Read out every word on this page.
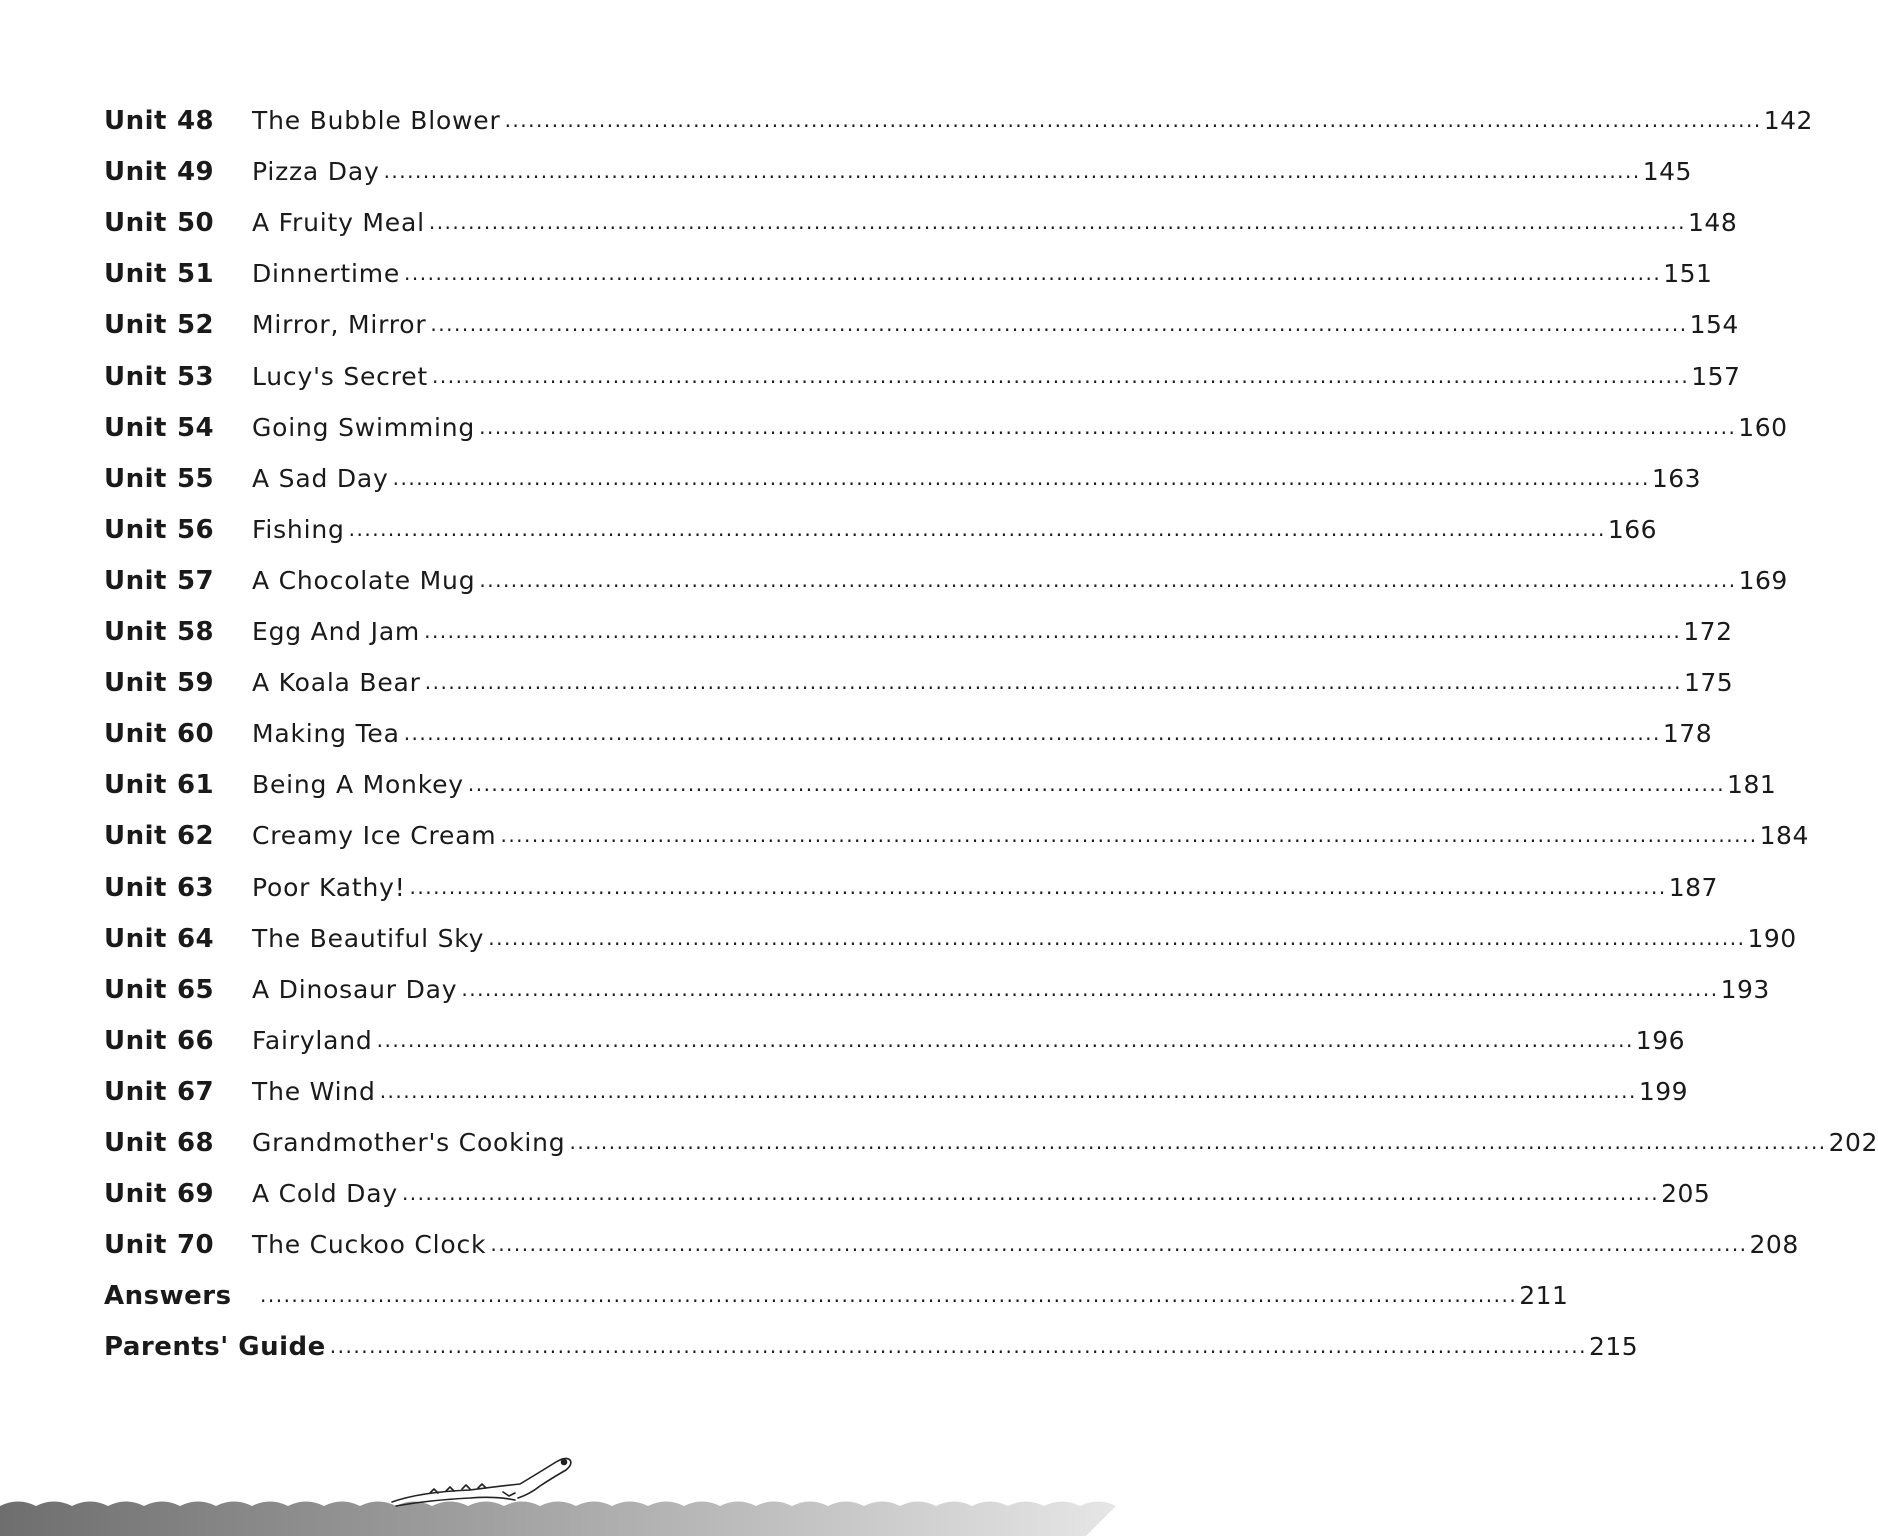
Unit 48	The Bubble Blower ................................................................................................................................................................ 142
Unit 49	Pizza Day ................................................................................................................................................................ 145
Unit 50	A Fruity Meal ................................................................................................................................................................ 148
Unit 51	Dinnertime ................................................................................................................................................................ 151
Unit 52	Mirror, Mirror ................................................................................................................................................................ 154
Unit 53	Lucy's Secret ................................................................................................................................................................ 157
Unit 54	Going Swimming ................................................................................................................................................................ 160
Unit 55	A Sad Day ................................................................................................................................................................ 163
Unit 56	Fishing ................................................................................................................................................................ 166
Unit 57	A Chocolate Mug ................................................................................................................................................................ 169
Unit 58	Egg And Jam ................................................................................................................................................................ 172
Unit 59	A Koala Bear ................................................................................................................................................................ 175
Unit 60	Making Tea ................................................................................................................................................................ 178
Unit 61	Being A Monkey ................................................................................................................................................................ 181
Unit 62	Creamy Ice Cream ................................................................................................................................................................ 184
Unit 63	Poor Kathy! ................................................................................................................................................................ 187
Unit 64	The Beautiful Sky ................................................................................................................................................................ 190
Unit 65	A Dinosaur Day ................................................................................................................................................................ 193
Unit 66	Fairyland ................................................................................................................................................................ 196
Unit 67	The Wind ................................................................................................................................................................ 199
Unit 68	Grandmother's Cooking ................................................................................................................................................................ 202
Unit 69	A Cold Day ................................................................................................................................................................ 205
Unit 70	The Cuckoo Clock ................................................................................................................................................................ 208
Answers	................................................................................................................................................................ 211
Parents' Guide ................................................................................................................................................................ 215
